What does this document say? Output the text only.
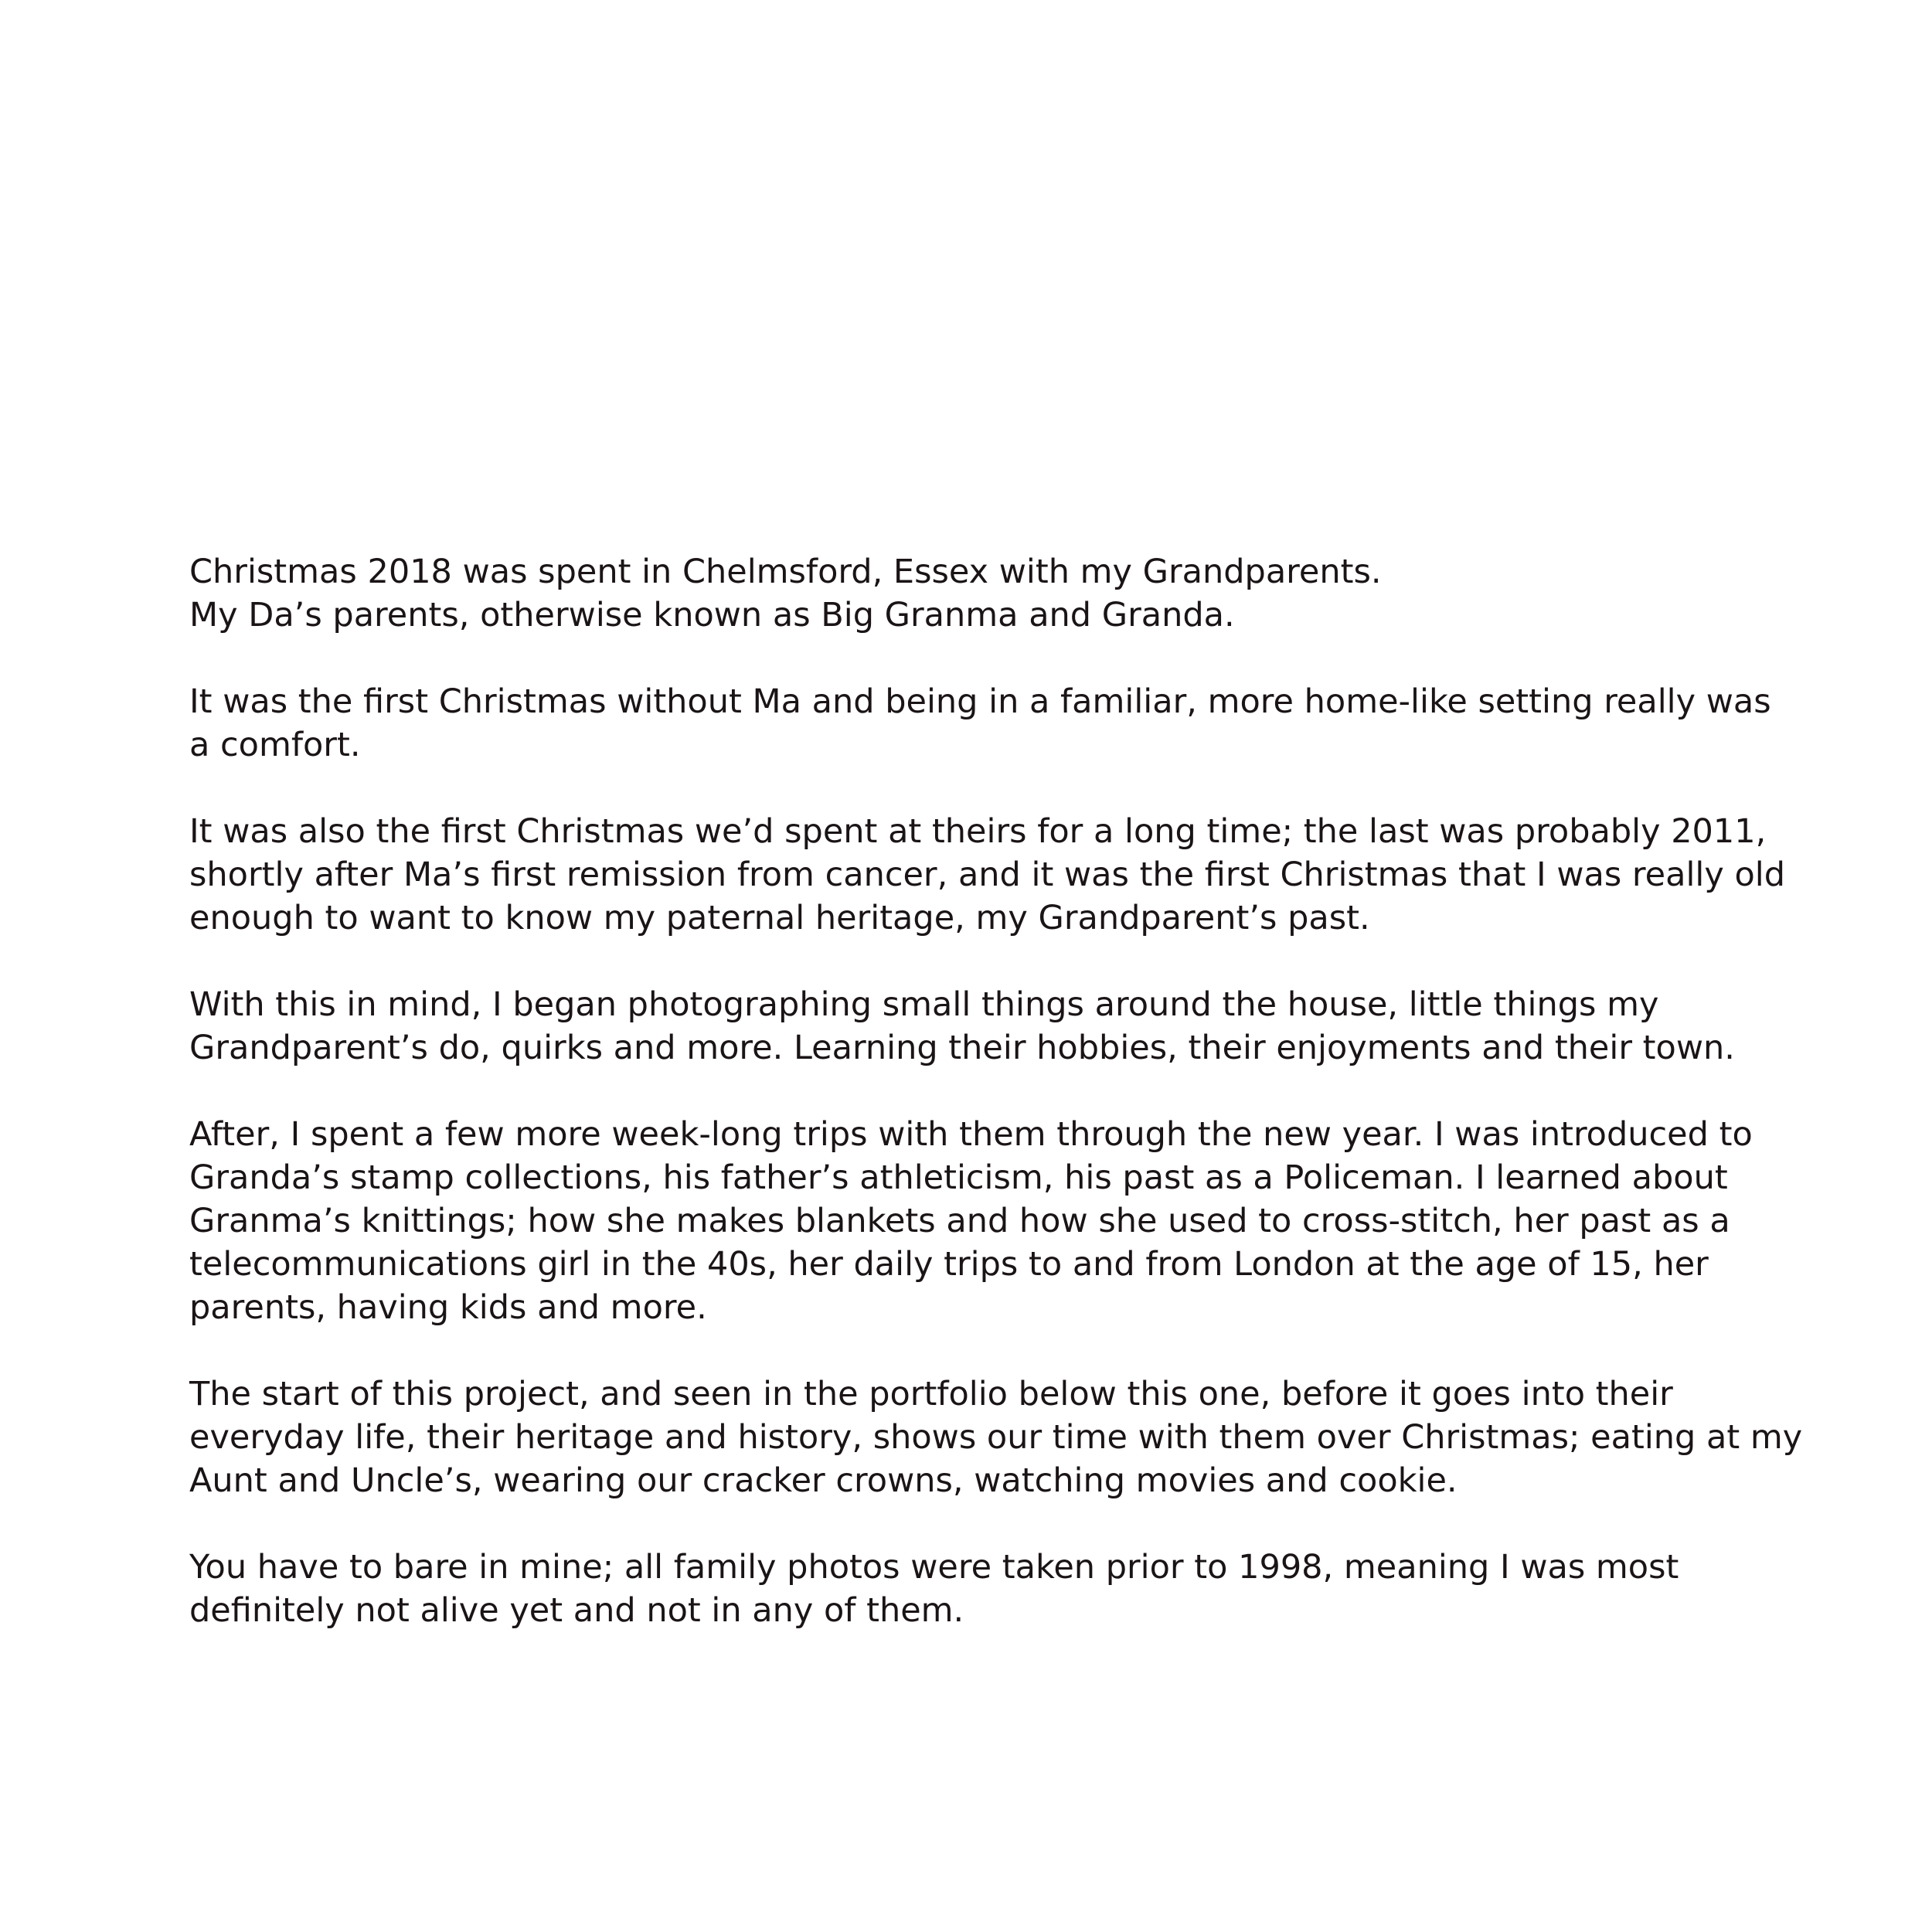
Christmas 2018 was spent in Chelmsford, Essex with my Grandparents.
My Da’s parents, otherwise known as Big Granma and Granda.

It was the first Christmas without Ma and being in a familiar, more home-like setting really was
a comfort.

It was also the first Christmas we’d spent at theirs for a long time; the last was probably 2011,
shortly after Ma’s first remission from cancer, and it was the first Christmas that I was really old
enough to want to know my paternal heritage, my Grandparent’s past.

With this in mind, I began photographing small things around the house, little things my
Grandparent’s do, quirks and more. Learning their hobbies, their enjoyments and their town.

After, I spent a few more week-long trips with them through the new year. I was introduced to
Granda’s stamp collections, his father’s athleticism, his past as a Policeman. I learned about
Granma’s knittings; how she makes blankets and how she used to cross-stitch, her past as a
telecommunications girl in the 40s, her daily trips to and from London at the age of 15, her
parents, having kids and more.

The start of this project, and seen in the portfolio below this one, before it goes into their
everyday life, their heritage and history, shows our time with them over Christmas; eating at my
Aunt and Uncle’s, wearing our cracker crowns, watching movies and cookie.

You have to bare in mine; all family photos were taken prior to 1998, meaning I was most
definitely not alive yet and not in any of them.
